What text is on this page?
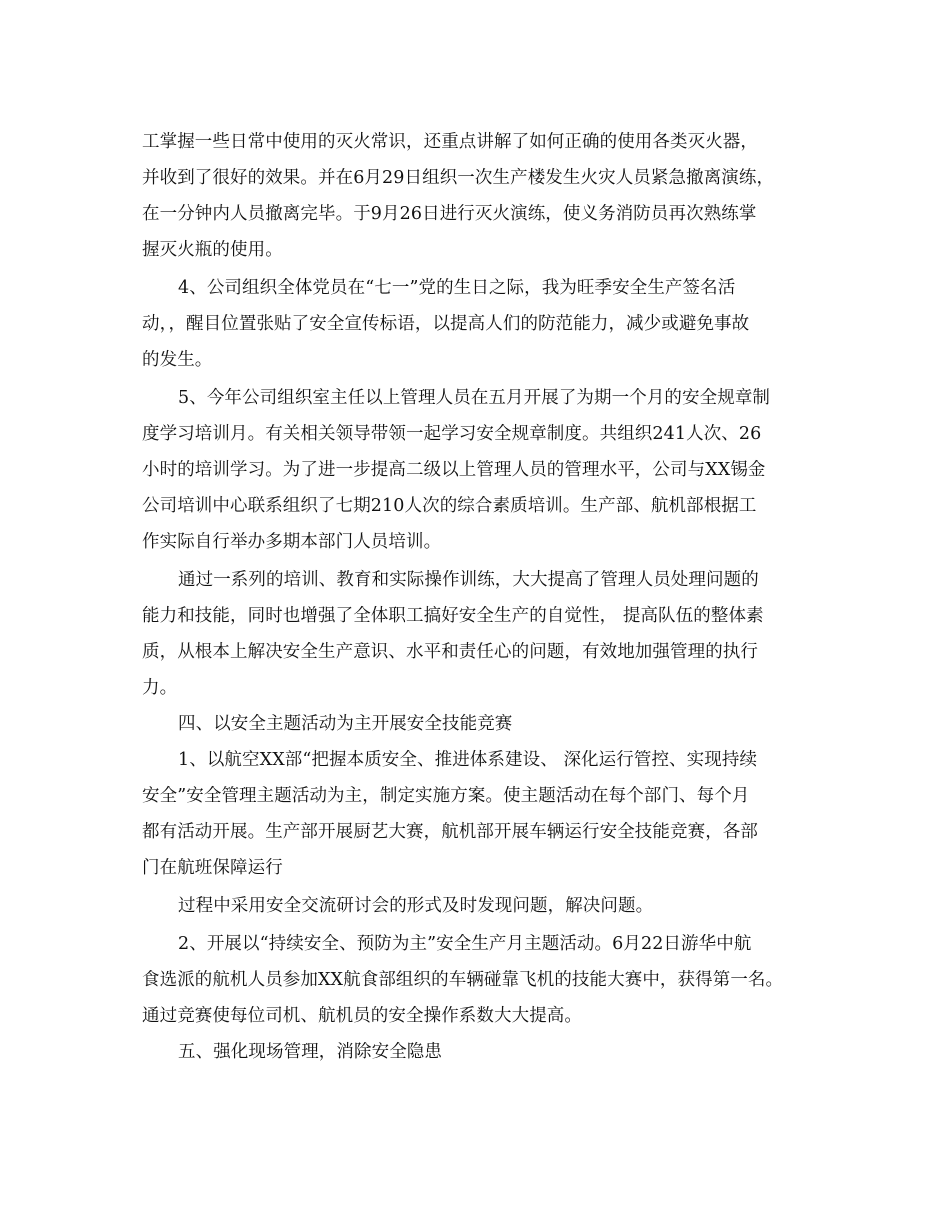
工掌握一些日常中使用的灭火常识，还重点讲解了如何正确的使用各类灭火器，
并收到了很好的效果。并在6月29日组织一次生产楼发生火灾人员紧急撤离演练，
在一分钟内人员撤离完毕。于9月26日进行灭火演练，使义务消防员再次熟练掌
握灭火瓶的使用。
4、公司组织全体党员在“七一”党的生日之际，我为旺季安全生产签名活
动，，醒目位置张贴了安全宣传标语，以提高人们的防范能力，减少或避免事故
的发生。
5、今年公司组织室主任以上管理人员在五月开展了为期一个月的安全规章制
度学习培训月。有关相关领导带领一起学习安全规章制度。共组织241人次、26
小时的培训学习。为了进一步提高二级以上管理人员的管理水平，公司与XX锡金
公司培训中心联系组织了七期210人次的综合素质培训。生产部、航机部根据工
作实际自行举办多期本部门人员培训。
通过一系列的培训、教育和实际操作训练，大大提高了管理人员处理问题的
能力和技能，同时也增强了全体职工搞好安全生产的自觉性， 提高队伍的整体素
质，从根本上解决安全生产意识、水平和责任心的问题，有效地加强管理的执行
力。
四、以安全主题活动为主开展安全技能竞赛
1、以航空XX部“把握本质安全、推进体系建设、 深化运行管控、实现持续
安全”安全管理主题活动为主，制定实施方案。使主题活动在每个部门、每个月
都有活动开展。生产部开展厨艺大赛，航机部开展车辆运行安全技能竞赛，各部
门在航班保障运行
过程中采用安全交流研讨会的形式及时发现问题，解决问题。
2、开展以“持续安全、预防为主”安全生产月主题活动。6月22日游华中航
食选派的航机人员参加XX航食部组织的车辆碰靠飞机的技能大赛中，获得第一名。
通过竞赛使每位司机、航机员的安全操作系数大大提高。
五、强化现场管理，消除安全隐患
